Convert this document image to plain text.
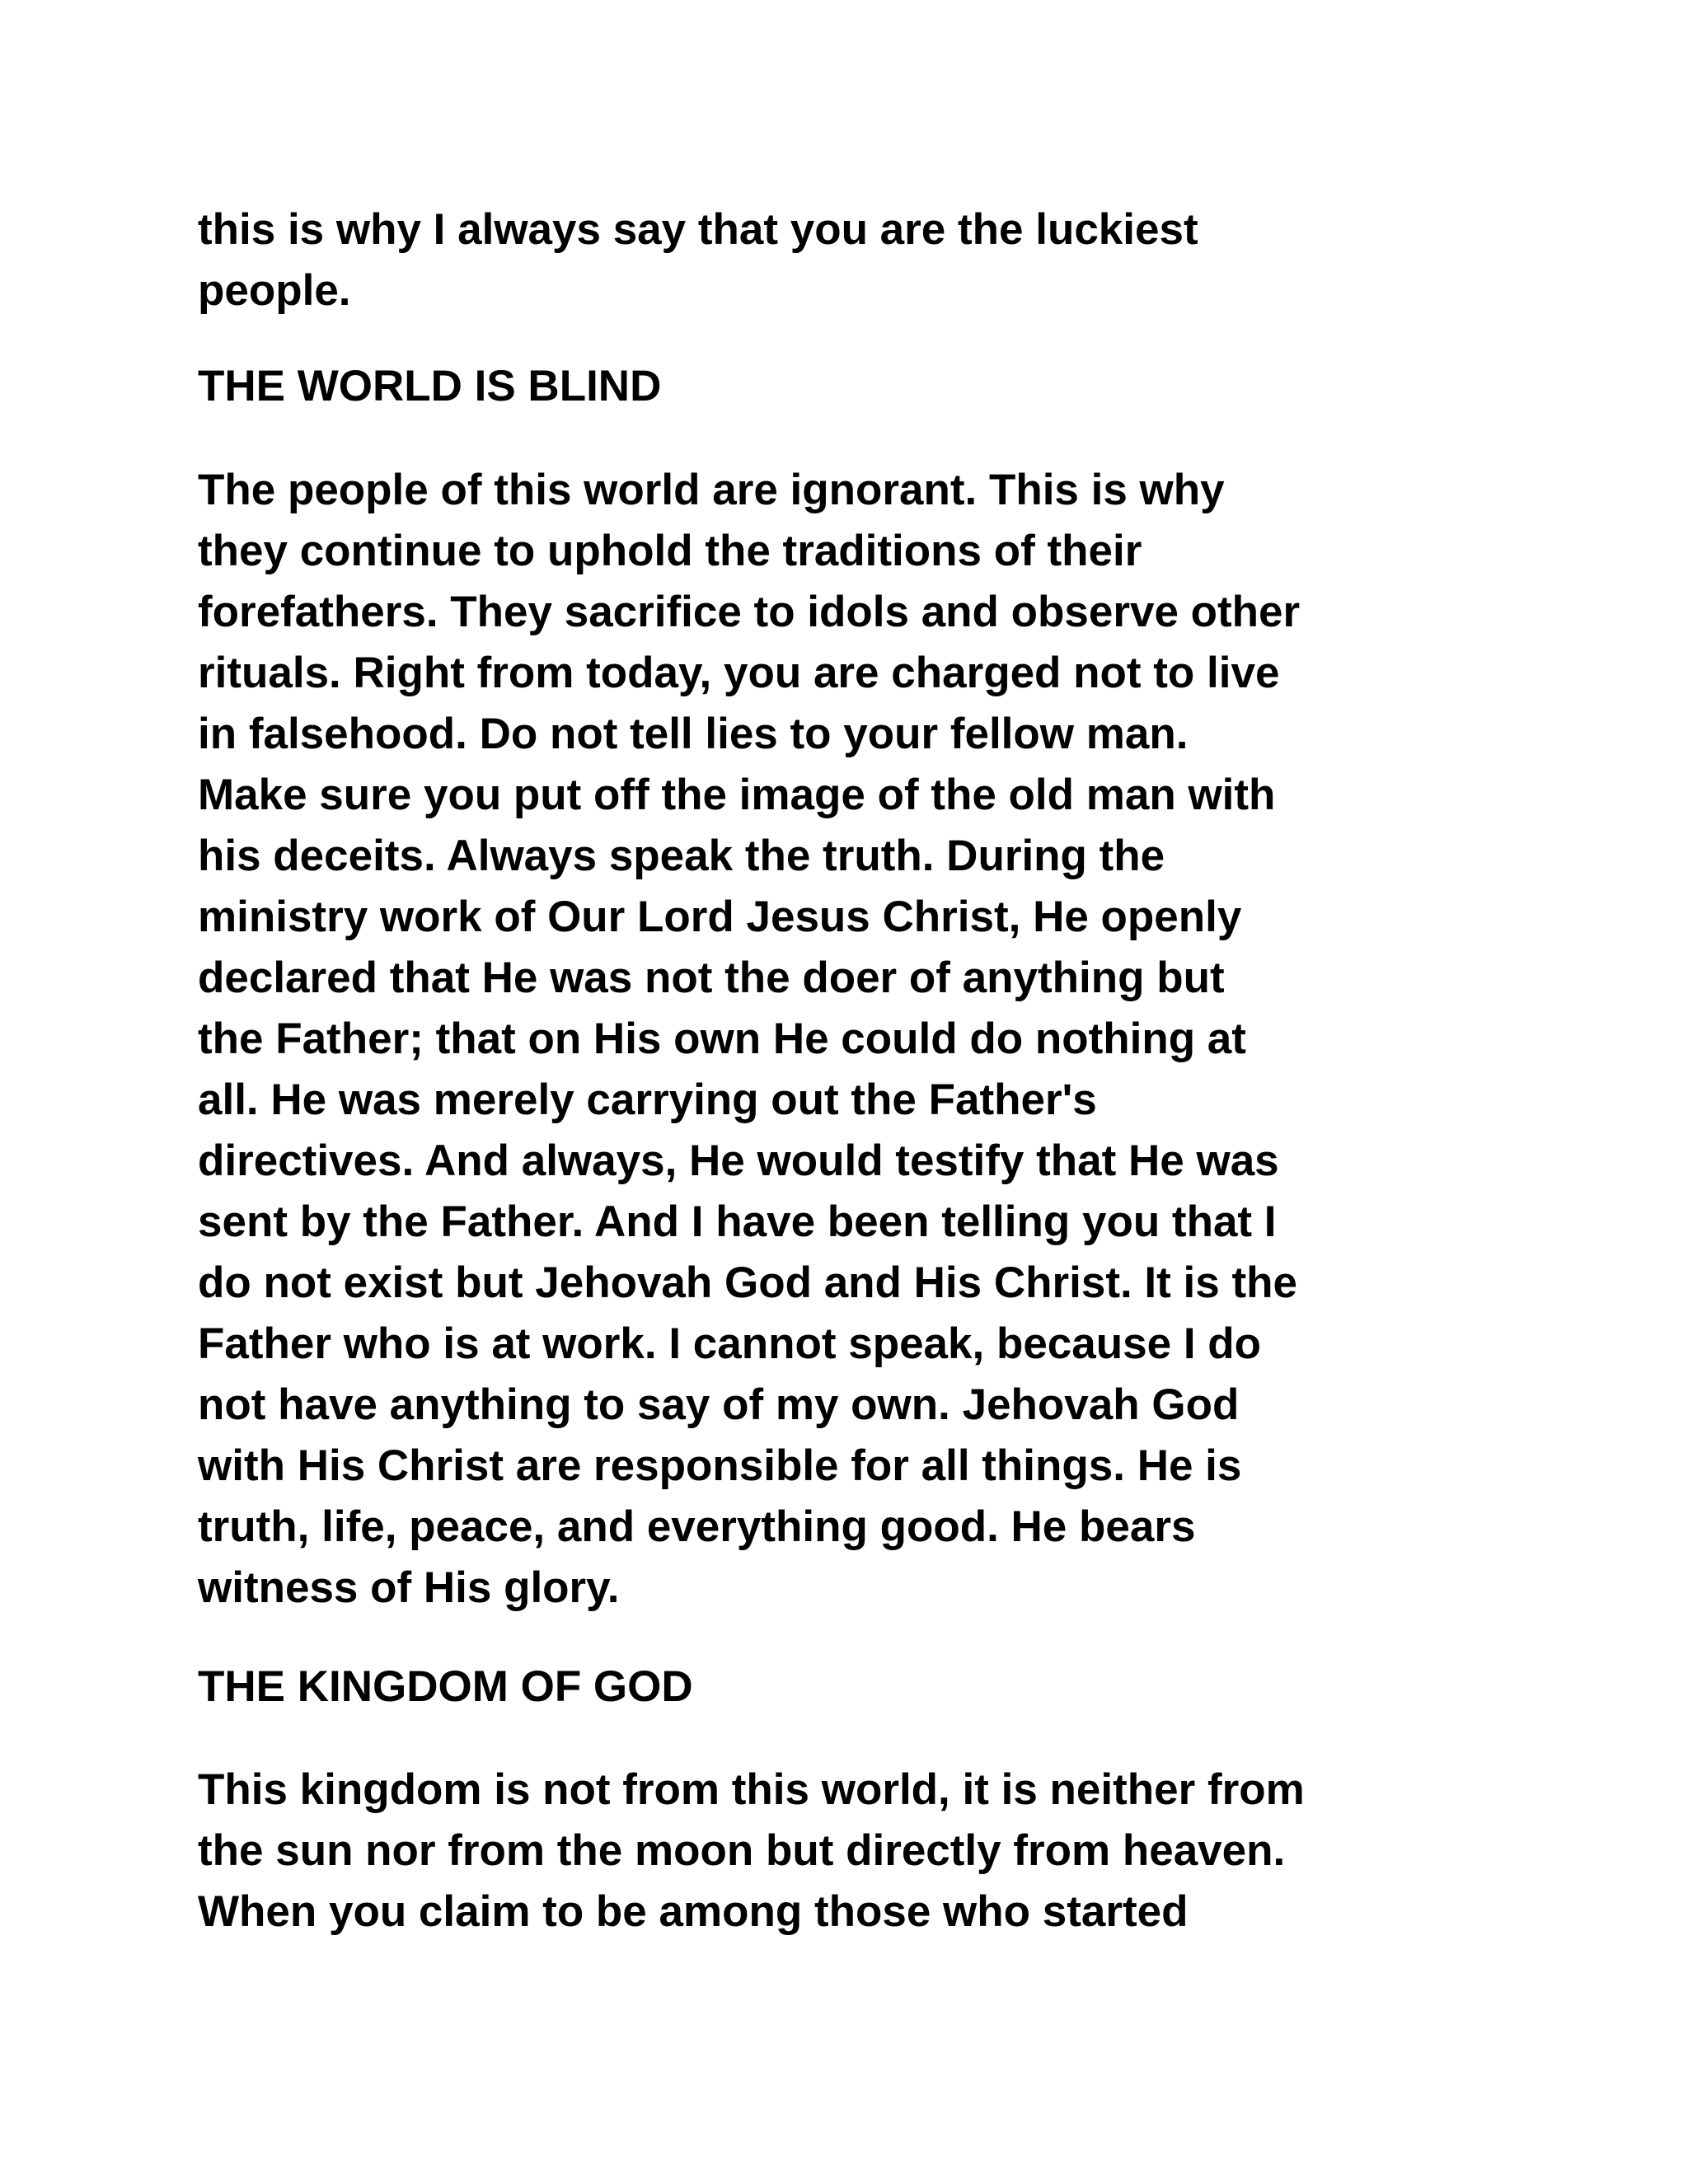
this is why I always say that you are the luckiest
people.

THE WORLD IS BLIND

The people of this world are ignorant. This is why
they continue to uphold the traditions of their
forefathers. They sacrifice to idols and observe other
rituals. Right from today, you are charged not to live
in falsehood. Do not tell lies to your fellow man.
Make sure you put off the image of the old man with
his deceits. Always speak the truth. During the
ministry work of Our Lord Jesus Christ, He openly
declared that He was not the doer of anything but
the Father; that on His own He could do nothing at
all. He was merely carrying out the Father's
directives. And always, He would testify that He was
sent by the Father. And I have been telling you that I
do not exist but Jehovah God and His Christ. It is the
Father who is at work. I cannot speak, because I do
not have anything to say of my own. Jehovah God
with His Christ are responsible for all things. He is
truth, life, peace, and everything good. He bears
witness of His glory.

THE KINGDOM OF GOD

This kingdom is not from this world, it is neither from
the sun nor from the moon but directly from heaven.
When you claim to be among those who started
